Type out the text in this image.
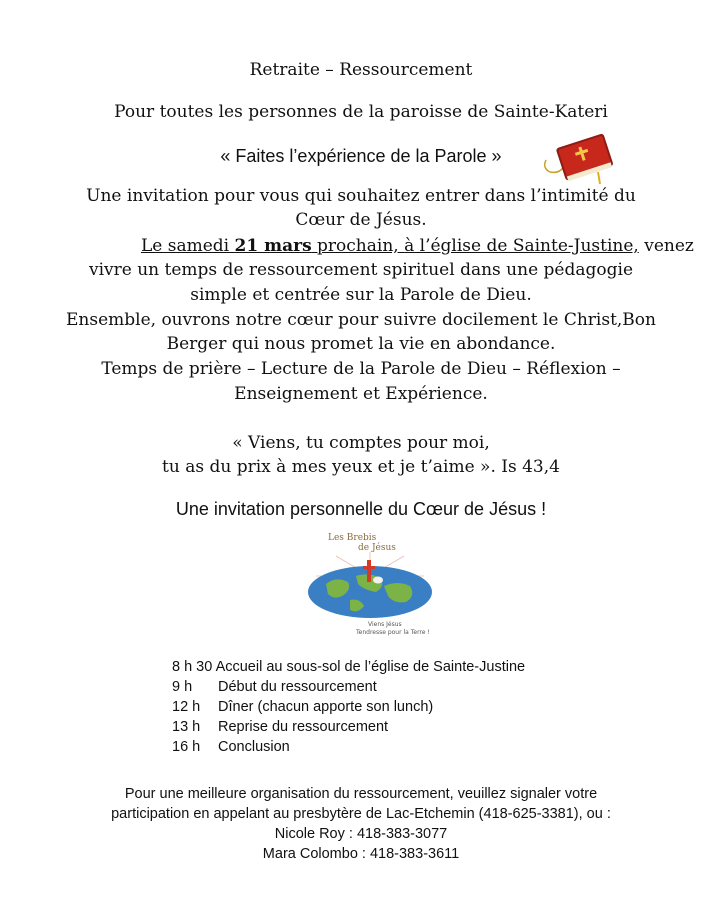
Retraite – Ressourcement
Pour toutes les personnes de la paroisse de Sainte-Kateri
« Faites l’expérience de la Parole »
Une invitation pour vous qui souhaitez entrer dans l’intimité du
Cœur de Jésus.
Le samedi 21 mars prochain, à l’église de Sainte-Justine, venez
vivre un temps de ressourcement spirituel dans une pédagogie
simple et centrée sur la Parole de Dieu.
Ensemble, ouvrons notre cœur pour suivre docilement le Christ,Bon
Berger qui nous promet la vie en abondance.
Temps de prière – Lecture de la Parole de Dieu – Réflexion –
Enseignement et Expérience.
« Viens, tu comptes pour moi,
tu as du prix à mes yeux et je t’aime ». Is 43,4
Une invitation personnelle du Cœur de Jésus !
Les Brebis
de Jésus
Viens Jésus
Tendresse pour la Terre !
8 h 30 Accueil au sous-sol de l’église de Sainte-Justine
9 h Début du ressourcement
12 h Dîner (chacun apporte son lunch)
13 h Reprise du ressourcement
16 h Conclusion
Pour une meilleure organisation du ressourcement, veuillez signaler votre
participation en appelant au presbytère de Lac-Etchemin (418-625-3381), ou :
Nicole Roy : 418-383-3077
Mara Colombo : 418-383-3611
